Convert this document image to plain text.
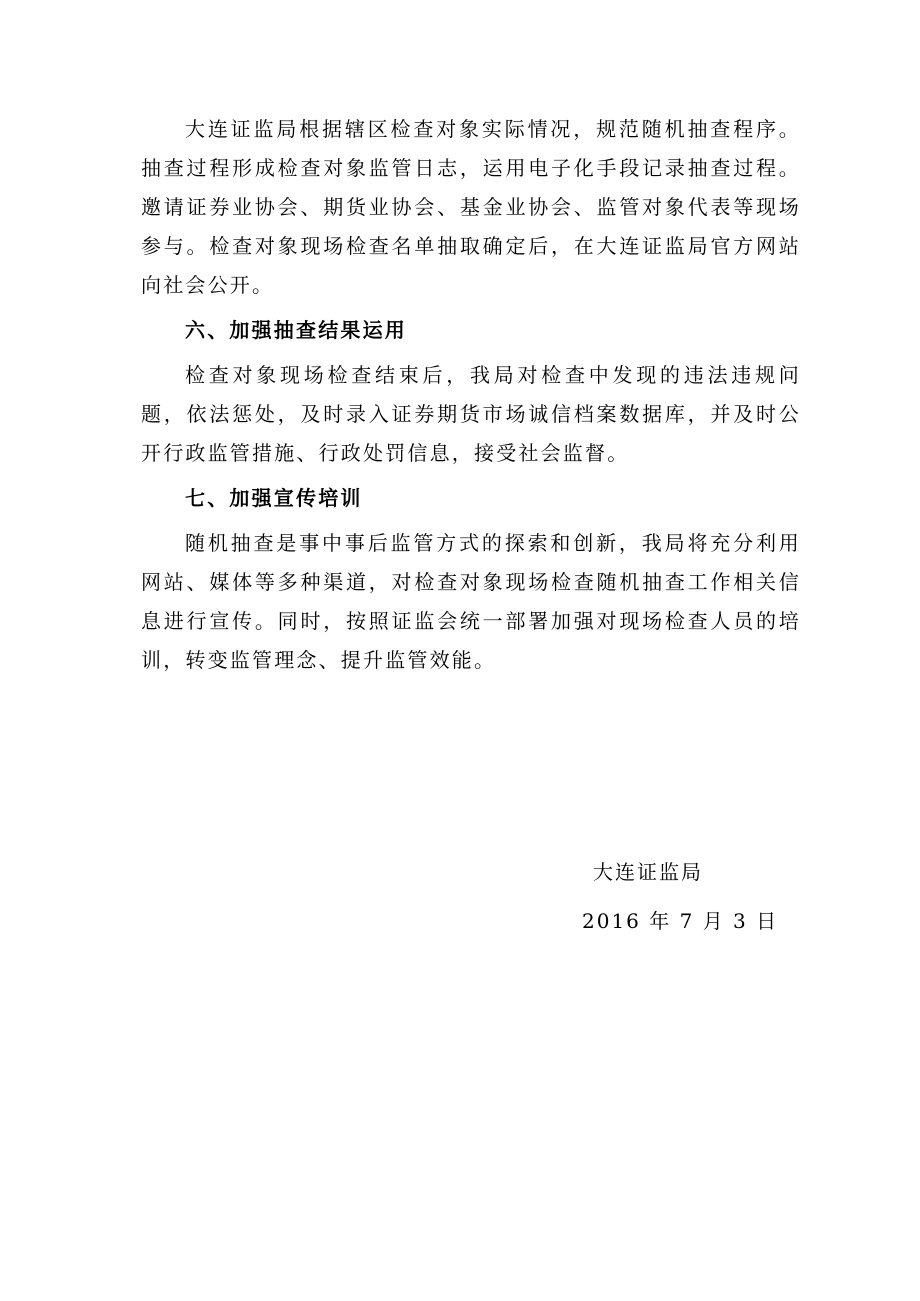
大连证监局根据辖区检查对象实际情况，规范随机抽查程序。抽查过程形成检查对象监管日志，运用电子化手段记录抽查过程。邀请证券业协会、期货业协会、基金业协会、监管对象代表等现场参与。检查对象现场检查名单抽取确定后，在大连证监局官方网站向社会公开。

六、加强抽查结果运用

检查对象现场检查结束后，我局对检查中发现的违法违规问题，依法惩处，及时录入证券期货市场诚信档案数据库，并及时公开行政监管措施、行政处罚信息，接受社会监督。

七、加强宣传培训

随机抽查是事中事后监管方式的探索和创新，我局将充分利用网站、媒体等多种渠道，对检查对象现场检查随机抽查工作相关信息进行宣传。同时，按照证监会统一部署加强对现场检查人员的培训，转变监管理念、提升监管效能。

大连证监局
2016 年 7 月 3 日
